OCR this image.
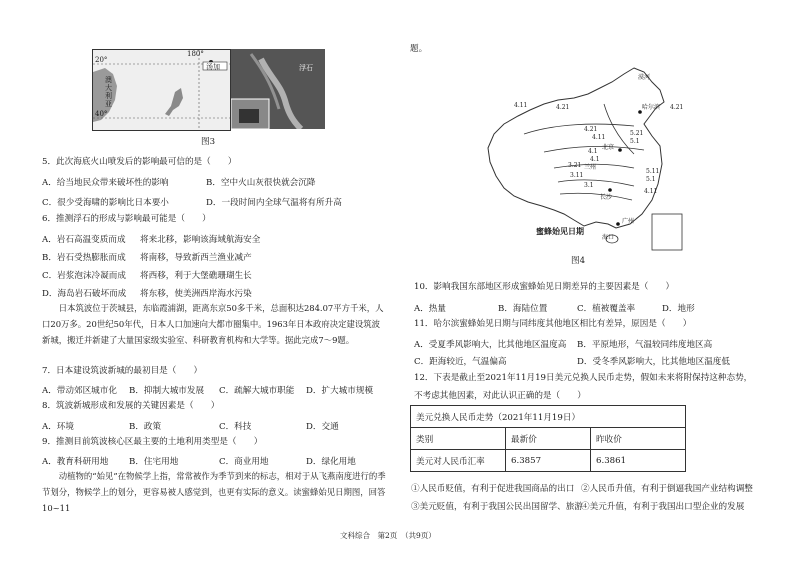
180°
20°
40°
澳大利亚
汤加	浮石
图3
5．此次海底火山喷发后的影响最可信的是（　　）
A．给当地民众带来破坏性的影响	B．空中火山灰很快就会沉降
C．很少受海啸的影响比日本要小	D．一段时间内全球气温将有所升高
6．推测浮石的形成与影响最可能是（　　）
A．岩石高温变质而成 将来北移，影响该海域航海安全
B．岩石受热膨胀而成 将南移，导致新西兰渔业减产
C．岩浆泡沫冷凝而成 将西移，利于大堡礁珊瑚生长
D．海岛岩石破坏而成 将东移，使美洲西岸海水污染
日本筑波位于茨城县，东临霞浦湖，距离东京50多千米，总面积达284.07平方千米，人口20万多。20世纪50年代，日本人口加速向大都市圈集中。1963年日本政府决定建设筑波新城，搬迁并新建了大量国家级实验室、科研教育机构和大学等。据此完成7～9题。
7．日本建设筑波新城的最初目是（　　）
A．带动郊区城市化 B．抑制大城市发展 C．疏解大城市职能 D．扩大城市规模
8．筑波新城形成和发展的关键因素是（　　）
A．环境	B．政策	C．科技	D．交通
9．推测目前筑波核心区最主要的土地利用类型是（　　）
A．教育科研用地 B．住宅用地	C．商业用地	D．绿化用地
动植物的“始见”在物候学上指，常常被作为季节到来的标志，相对于从飞燕南度进行的季节划分，物候学上的划分，更容易被人感觉到，也更有实际的意义。读蜜蜂始见日期图，回答10~11
题。
漠河
哈尔滨
北京
兰州
长沙
广州
海口
4.11	4.21	4.21
4.21
4.11
5.21
5.1
4.1
3.21
3.11
3.1
5.11
5.1
4.11
4.1
蜜蜂始见日期
图4
10．影响我国东部地区形成蜜蜂始见日期差异的主要因素是（　　）
A．热量	B．海陆位置	C．植被覆盖率	D．地形
11．哈尔滨蜜蜂始见日期与同纬度其他地区相比有差异，原因是（　　）
A．受夏季风影响大，比其他地区温度高 B．平原地形，气温较同纬度地区高
C．距海较近，气温偏高	D．受冬季风影响大，比其他地区温度低
12．下表是截止至2021年11月19日美元兑换人民币走势，假如未来将附保持这种态势，不考虑其他因素，对此认识正确的是（　　）
美元兑换人民币走势（2021年11月19日）		
类别	最新价	昨收价
美元对人民币汇率	6.3857	6.3861
①人民币贬值，有利于促进我国商品的出口 ②人民币升值，有利于倒逼我国产业结构调整
③美元贬值，有利于我国公民出国留学、旅游
④美元升值，有利于我国出口型企业的发展
文科综合　第2页　（共9页）
